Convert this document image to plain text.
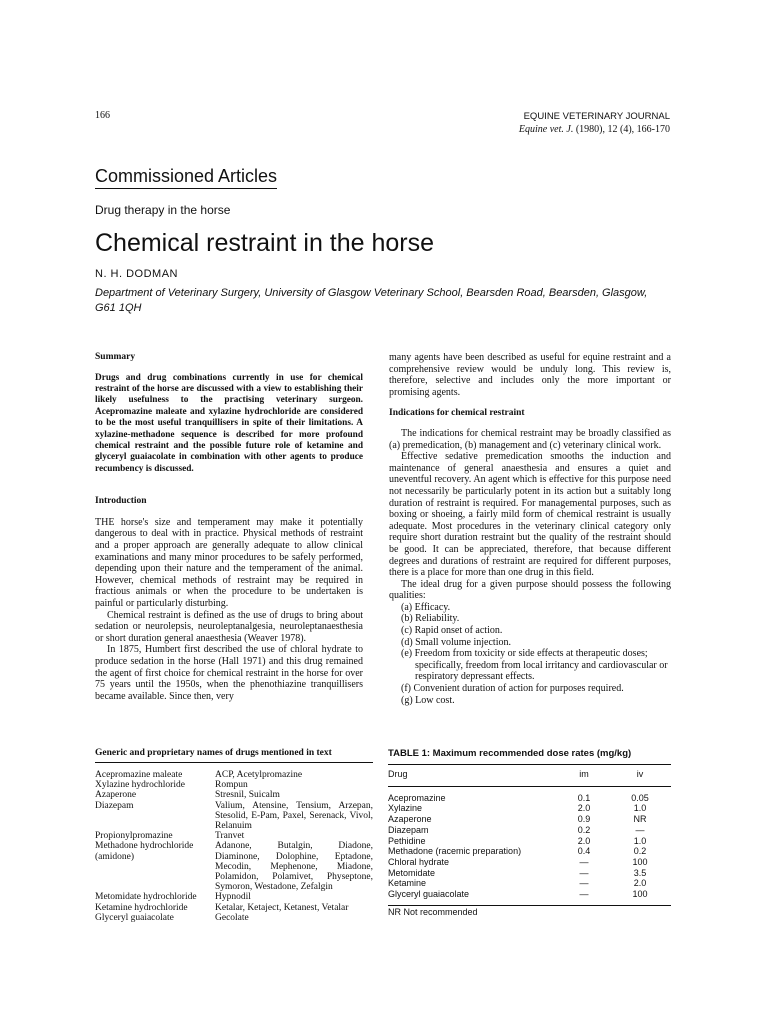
166	EQUINE VETERINARY JOURNAL
Equine vet. J. (1980), 12 (4), 166-170
Commissioned Articles
Drug therapy in the horse
Chemical restraint in the horse
N. H. DODMAN
Department of Veterinary Surgery, University of Glasgow Veterinary School, Bearsden Road, Bearsden, Glasgow, G61 1QH

Summary

Drugs and drug combinations currently in use for chemical restraint of the horse are discussed with a view to establishing their likely usefulness to the practising veterinary surgeon. Acepromazine maleate and xylazine hydrochloride are considered to be the most useful tranquillisers in spite of their limitations. A xylazine-methadone sequence is described for more profound chemical restraint and the possible future role of ketamine and glyceryl guaiacolate in combination with other agents to produce recumbency is discussed.

Introduction

THE horse's size and temperament may make it potentially dangerous to deal with in practice. Physical methods of restraint and a proper approach are generally adequate to allow clinical examinations and many minor procedures to be safely performed, depending upon their nature and the temperament of the animal. However, chemical methods of restraint may be required in fractious animals or when the procedure to be undertaken is painful or particularly disturbing.

Chemical restraint is defined as the use of drugs to bring about sedation or neurolepsis, neuroleptanalgesia, neuroleptanaesthesia or short duration general anaesthesia (Weaver 1978).

In 1875, Humbert first described the use of chloral hydrate to produce sedation in the horse (Hall 1971) and this drug remained the agent of first choice for chemical restraint in the horse for over 75 years until the 1950s, when the phenothiazine tranquillisers became available. Since then, very

many agents have been described as useful for equine restraint and a comprehensive review would be unduly long. This review is, therefore, selective and includes only the more important or promising agents.

Indications for chemical restraint

The indications for chemical restraint may be broadly classified as (a) premedication, (b) management and (c) veterinary clinical work.

Effective sedative premedication smooths the induction and maintenance of general anaesthesia and ensures a quiet and uneventful recovery. An agent which is effective for this purpose need not necessarily be particularly potent in its action but a suitably long duration of restraint is required. For managemental purposes, such as boxing or shoeing, a fairly mild form of chemical restraint is usually adequate. Most procedures in the veterinary clinical category only require short duration restraint but the quality of the restraint should be good. It can be appreciated, therefore, that because different degrees and durations of restraint are required for different purposes, there is a place for more than one drug in this field.

The ideal drug for a given purpose should possess the following qualities:

(a) Efficacy.
(b) Reliability.
(c) Rapid onset of action.
(d) Small volume injection.
(e) Freedom from toxicity or side effects at therapeutic doses; specifically, freedom from local irritancy and cardiovascular or respiratory depressant effects.
(f) Convenient duration of action for purposes required.
(g) Low cost.
Generic and proprietary names of drugs mentioned in text
Acepromazine maleate	ACP, Acetylpromazine
Xylazine hydrochloride	Rompun
Azaperone	Stresnil, Suicalm
Diazepam	Valium, Atensine, Tensium, Arzepan, Stesolid, E-Pam, Paxel, Serenack, Vivol, Relanuim
Propionylpromazine	Tranvet
Methadone hydrochloride (amidone)	Adanone, Butalgin, Diadone, Diaminone, Dolophine, Eptadone, Mecodin, Mephenone, Miadone, Polamidon, Polamivet, Physeptone, Symoron, Westadone, Zefalgin
Metomidate hydrochloride	Hypnodil
Ketamine hydrochloride	Ketalar, Ketaject, Ketanest, Vetalar
Glyceryl guaiacolate	Gecolate
TABLE 1: Maximum recommended dose rates (mg/kg)
Drug	im	iv
Acepromazine	0.1	0.05
Xylazine	2.0	1.0
Azaperone	0.9	NR
Diazepam	0.2	—
Pethidine	2.0	1.0
Methadone (racemic preparation)	0.4	0.2
Chloral hydrate	—	100
Metomidate	—	3.5
Ketamine	—	2.0
Glyceryl guaiacolate	—	100
NR Not recommended
